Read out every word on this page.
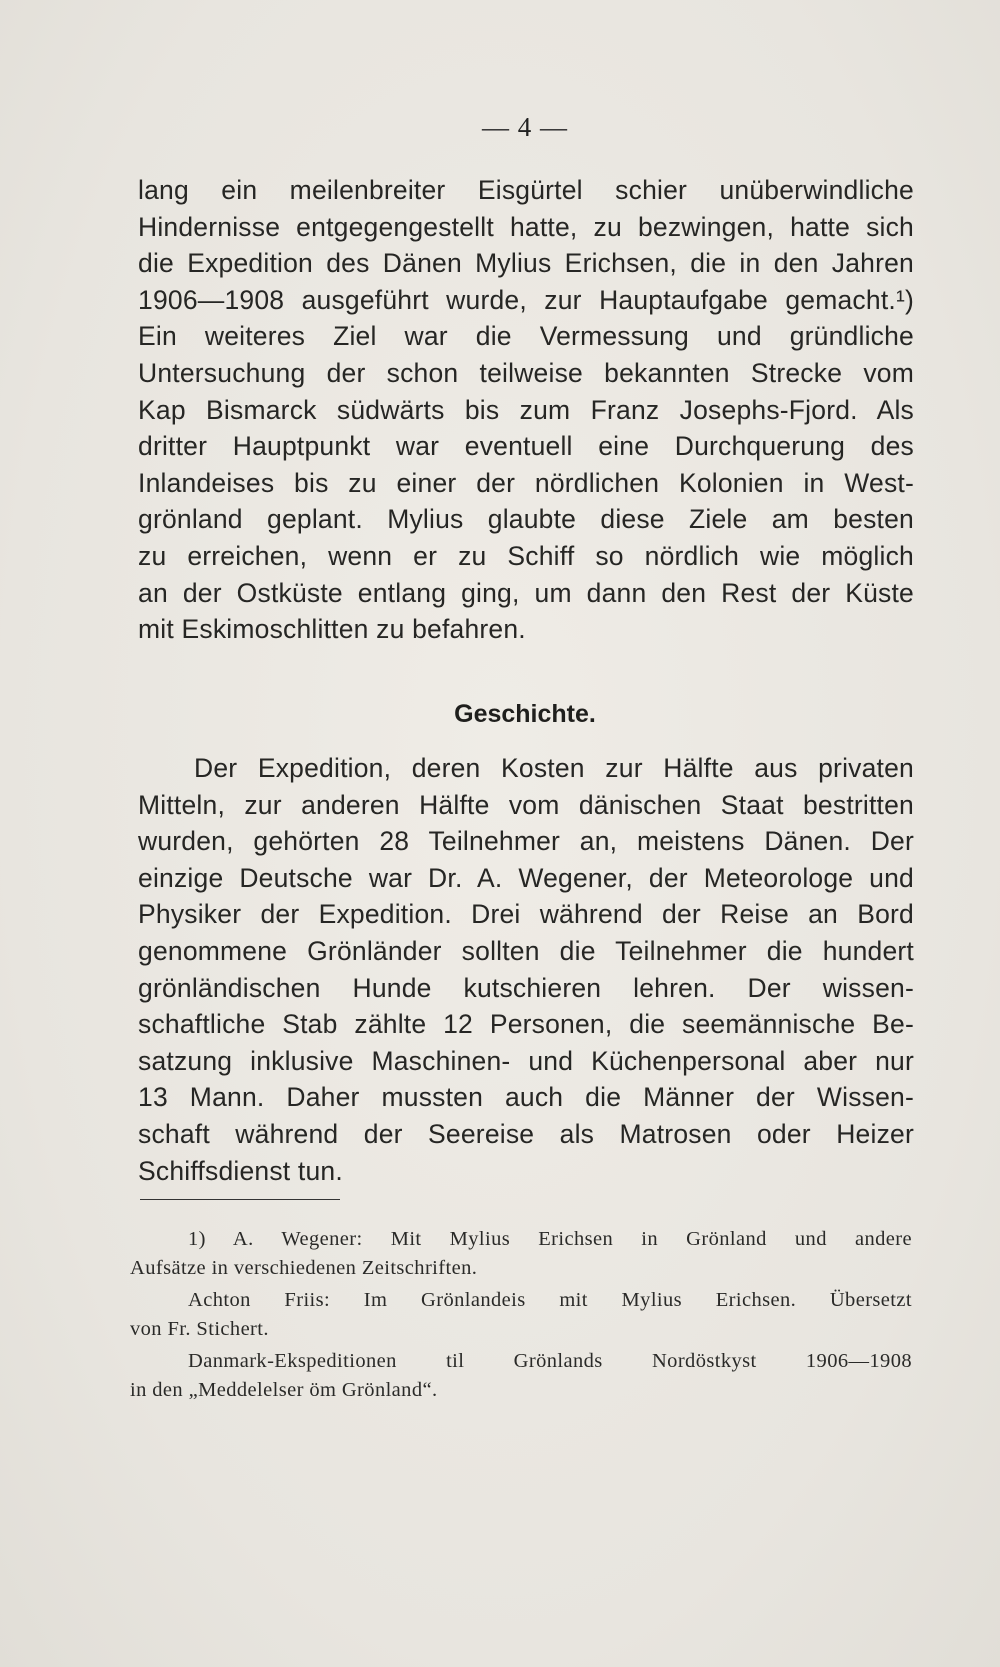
— 4 —
lang ein meilenbreiter Eisgürtel schier unüberwindliche
Hindernisse entgegengestellt hatte, zu bezwingen, hatte sich
die Expedition des Dänen Mylius Erichsen, die in den Jahren
1906—1908 ausgeführt wurde, zur Hauptaufgabe gemacht.¹)
Ein weiteres Ziel war die Vermessung und gründliche
Untersuchung der schon teilweise bekannten Strecke vom
Kap Bismarck südwärts bis zum Franz Josephs-Fjord. Als
dritter Hauptpunkt war eventuell eine Durchquerung des
Inlandeises bis zu einer der nördlichen Kolonien in West-
grönland geplant. Mylius glaubte diese Ziele am besten
zu erreichen, wenn er zu Schiff so nördlich wie möglich
an der Ostküste entlang ging, um dann den Rest der Küste
mit Eskimoschlitten zu befahren.
Geschichte.
Der Expedition, deren Kosten zur Hälfte aus privaten
Mitteln, zur anderen Hälfte vom dänischen Staat bestritten
wurden, gehörten 28 Teilnehmer an, meistens Dänen. Der
einzige Deutsche war Dr. A. Wegener, der Meteorologe und
Physiker der Expedition. Drei während der Reise an Bord
genommene Grönländer sollten die Teilnehmer die hundert
grönländischen Hunde kutschieren lehren. Der wissen-
schaftliche Stab zählte 12 Personen, die seemännische Be-
satzung inklusive Maschinen- und Küchenpersonal aber nur
13 Mann. Daher mussten auch die Männer der Wissen-
schaft während der Seereise als Matrosen oder Heizer
Schiffsdienst tun.
1) A. Wegener: Mit Mylius Erichsen in Grönland und andere
Aufsätze in verschiedenen Zeitschriften.
Achton Friis: Im Grönlandeis mit Mylius Erichsen. Übersetzt
von Fr. Stichert.
Danmark-Ekspeditionen til Grönlands Nordöstkyst 1906—1908
in den „Meddelelser öm Grönland“.
